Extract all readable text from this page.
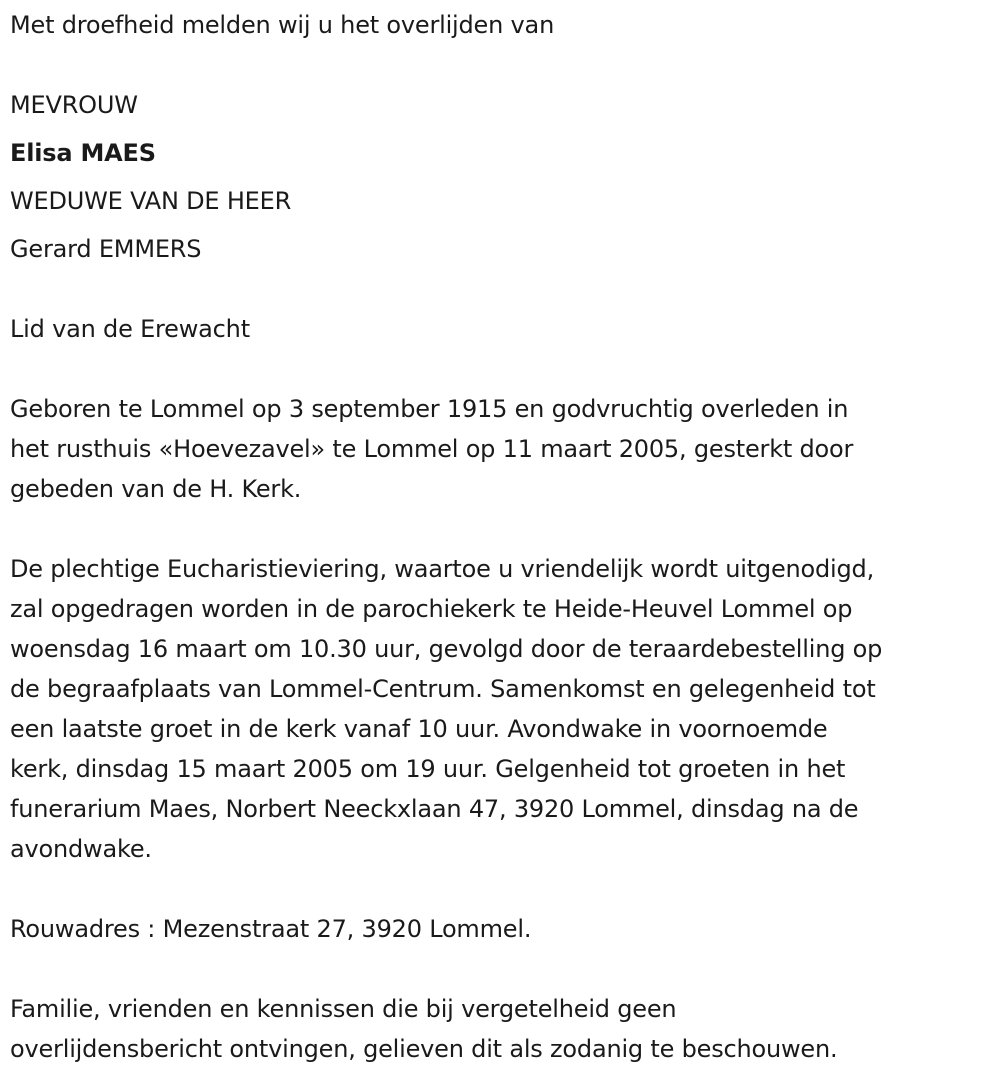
Met droefheid melden wij u het overlijden van

MEVROUW

Elisa MAES

WEDUWE VAN DE HEER

Gerard EMMERS

Lid van de Erewacht

Geboren te Lommel op 3 september 1915 en godvruchtig overleden in

het rusthuis «Hoevezavel» te Lommel op 11 maart 2005, gesterkt door

gebeden van de H. Kerk.

De plechtige Eucharistieviering, waartoe u vriendelijk wordt uitgenodigd,

zal opgedragen worden in de parochiekerk te Heide-Heuvel Lommel op

woensdag 16 maart om 10.30 uur, gevolgd door de teraardebestelling op

de begraafplaats van Lommel-Centrum. Samenkomst en gelegenheid tot

een laatste groet in de kerk vanaf 10 uur. Avondwake in voornoemde

kerk, dinsdag 15 maart 2005 om 19 uur. Gelgenheid tot groeten in het

funerarium Maes, Norbert Neeckxlaan 47, 3920 Lommel, dinsdag na de

avondwake.

Rouwadres : Mezenstraat 27, 3920 Lommel.

Familie, vrienden en kennissen die bij vergetelheid geen

overlijdensbericht ontvingen, gelieven dit als zodanig te beschouwen.
